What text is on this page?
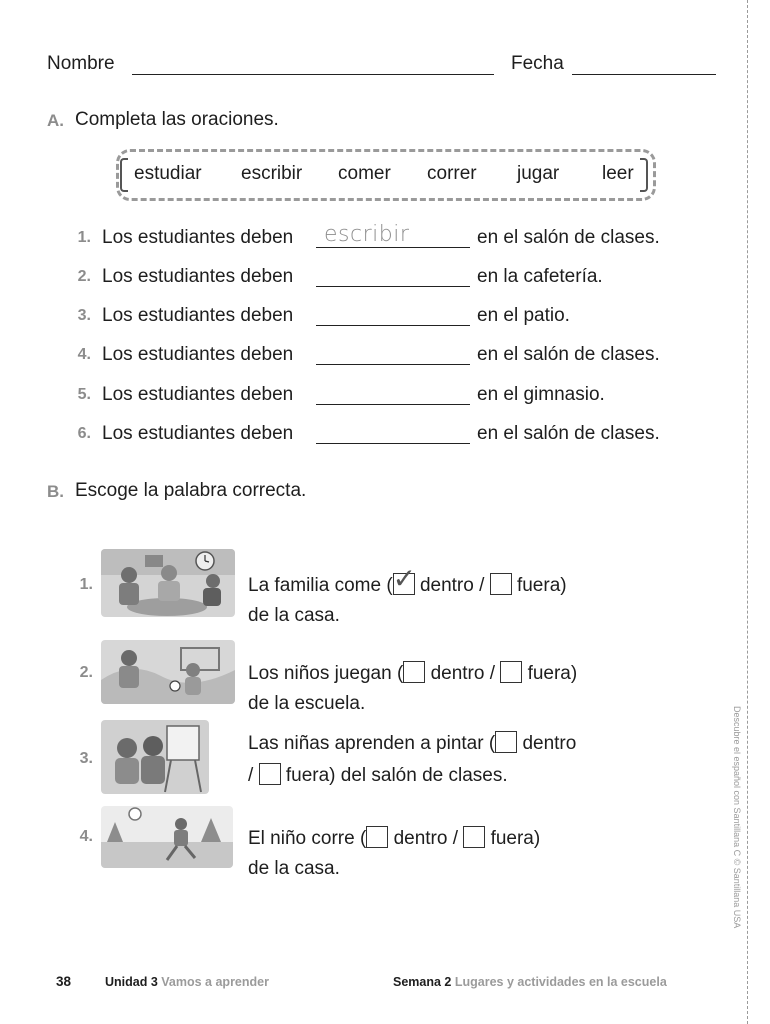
Nombre	Fecha
A. Completa las oraciones.
estudiar escribir comer correr jugar leer
1. Los estudiantes deben escribir	en el salón de clases.
2. Los estudiantes deben	en la cafetería.
3. Los estudiantes deben	en el patio.
4. Los estudiantes deben	en el salón de clases.
5. Los estudiantes deben	en el gimnasio.
6. Los estudiantes deben	en el salón de clases.
B. Escoge la palabra correcta.
1.	La familia come ( ✓ dentro / fuera)
de la casa.
2.	Los niños juegan ( dentro / fuera)
de la escuela.
3.
Las niñas aprenden a pintar ( dentro
/ fuera) del salón de clases.
4.	El niño corre ( dentro / fuera)
de la casa.	Descubre el español con Santillana C © Santillana USA
38	Unidad 3 Vamos a aprender	Semana 2 Lugares y actividades en la escuela
